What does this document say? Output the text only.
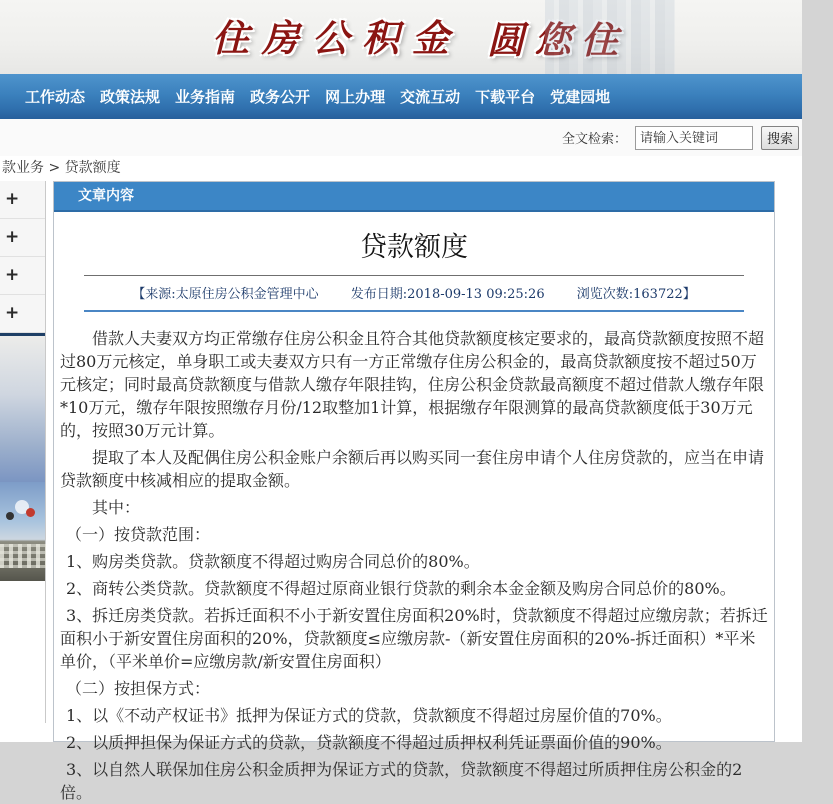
住房公积金 圆您住
工作动态 政策法规 业务指南 政务公开 网上办理 交流互动 下载平台 党建园地
全文检索：
请输入关键词	搜索
款业务 > 贷款额度
+
+
+
+
文章内容
贷款额度
【来源:太原住房公积金管理中心 发布日期:2018-09-13 09:25:26 浏览次数:163722】

借款人夫妻双方均正常缴存住房公积金且符合其他贷款额度核定要求的，最高贷款额度按照不超过80万元核定，单身职工或夫妻双方只有一方正常缴存住房公积金的，最高贷款额度按不超过50万元核定；同时最高贷款额度与借款人缴存年限挂钩，住房公积金贷款最高额度不超过借款人缴存年限*10万元，缴存年限按照缴存月份/12取整加1计算，根据缴存年限测算的最高贷款额度低于30万元的，按照30万元计算。

提取了本人及配偶住房公积金账户余额后再以购买同一套住房申请个人住房贷款的，应当在申请贷款额度中核减相应的提取金额。

其中：

（一）按贷款范围：

1、购房类贷款。贷款额度不得超过购房合同总价的80%。

2、商转公类贷款。贷款额度不得超过原商业银行贷款的剩余本金金额及购房合同总价的80%。

3、拆迁房类贷款。若拆迁面积不小于新安置住房面积20%时，贷款额度不得超过应缴房款；若拆迁面积小于新安置住房面积的20%，贷款额度≤应缴房款-（新安置住房面积的20%-拆迁面积）*平米单价，（平米单价=应缴房款/新安置住房面积）

（二）按担保方式：

1、以《不动产权证书》抵押为保证方式的贷款，贷款额度不得超过房屋价值的70%。

2、以质押担保为保证方式的贷款，贷款额度不得超过质押权利凭证票面价值的90%。

3、以自然人联保加住房公积金质押为保证方式的贷款，贷款额度不得超过所质押住房公积金的2倍。
